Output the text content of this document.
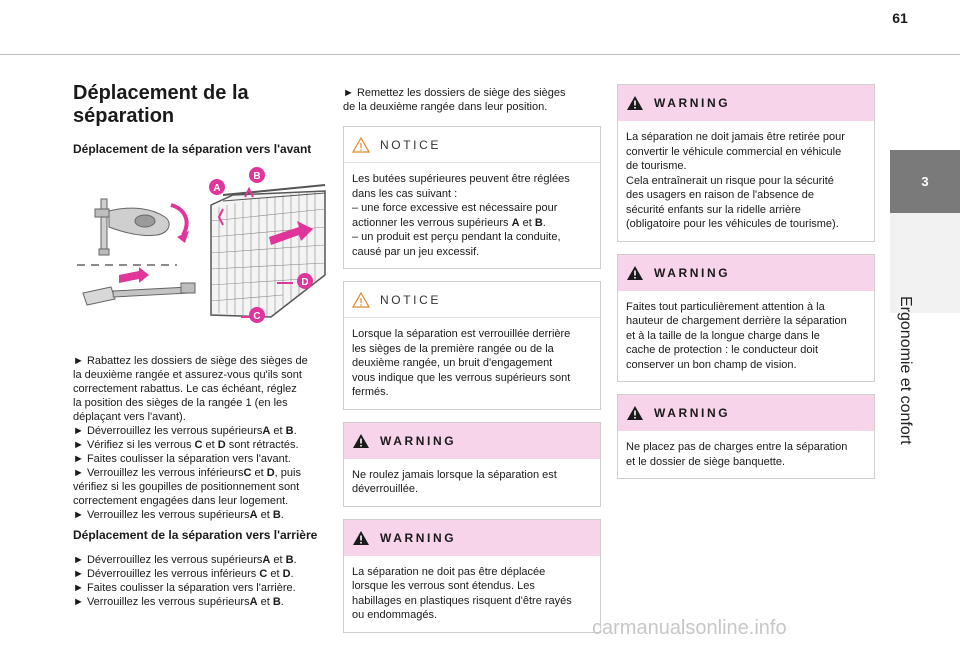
61
3
Ergonomie et confort
Déplacement de la
séparation
Déplacement de la séparation vers l'avant
A
B
C
D
► Rabattez les dossiers de siège des sièges de
la deuxième rangée et assurez-vous qu'ils sont
correctement rabattus. Le cas échéant, réglez
la position des sièges de la rangée 1 (en les
déplaçant vers l'avant).
► Déverrouillez les verrous supérieursA et B.
► Vérifiez si les verrous C et D sont rétractés.
► Faites coulisser la séparation vers l'avant.
► Verrouillez les verrous inférieursC et D, puis
vérifiez si les goupilles de positionnement sont
correctement engagées dans leur logement.
► Verrouillez les verrous supérieursA et B.
Déplacement de la séparation vers l'arrière
► Déverrouillez les verrous supérieursA et B.
► Déverrouillez les verrous inférieurs C et D.
► Faites coulisser la séparation vers l'arrière.
► Verrouillez les verrous supérieursA et B.
► Remettez les dossiers de siège des sièges
de la deuxième rangée dans leur position.
NOTICE
Les butées supérieures peuvent être réglées
dans les cas suivant :
– une force excessive est nécessaire pour
actionner les verrous supérieurs A et B.
– un produit est perçu pendant la conduite,
causé par un jeu excessif.
NOTICE
Lorsque la séparation est verrouillée derrière
les sièges de la première rangée ou de la
deuxième rangée, un bruit d'engagement
vous indique que les verrous supérieurs sont
fermés.
WARNING
Ne roulez jamais lorsque la séparation est
déverrouillée.
WARNING
La séparation ne doit pas être déplacée
lorsque les verrous sont étendus. Les
habillages en plastiques risquent d'être rayés
ou endommagés.
WARNING
La séparation ne doit jamais être retirée pour
convertir le véhicule commercial en véhicule
de tourisme.
Cela entraînerait un risque pour la sécurité
des usagers en raison de l'absence de
sécurité enfants sur la ridelle arrière
(obligatoire pour les véhicules de tourisme).
WARNING
Faites tout particulièrement attention à la
hauteur de chargement derrière la séparation
et à la taille de la longue charge dans le
cache de protection : le conducteur doit
conserver un bon champ de vision.
WARNING
Ne placez pas de charges entre la séparation
et le dossier de siège banquette.
carmanualsonline.info
